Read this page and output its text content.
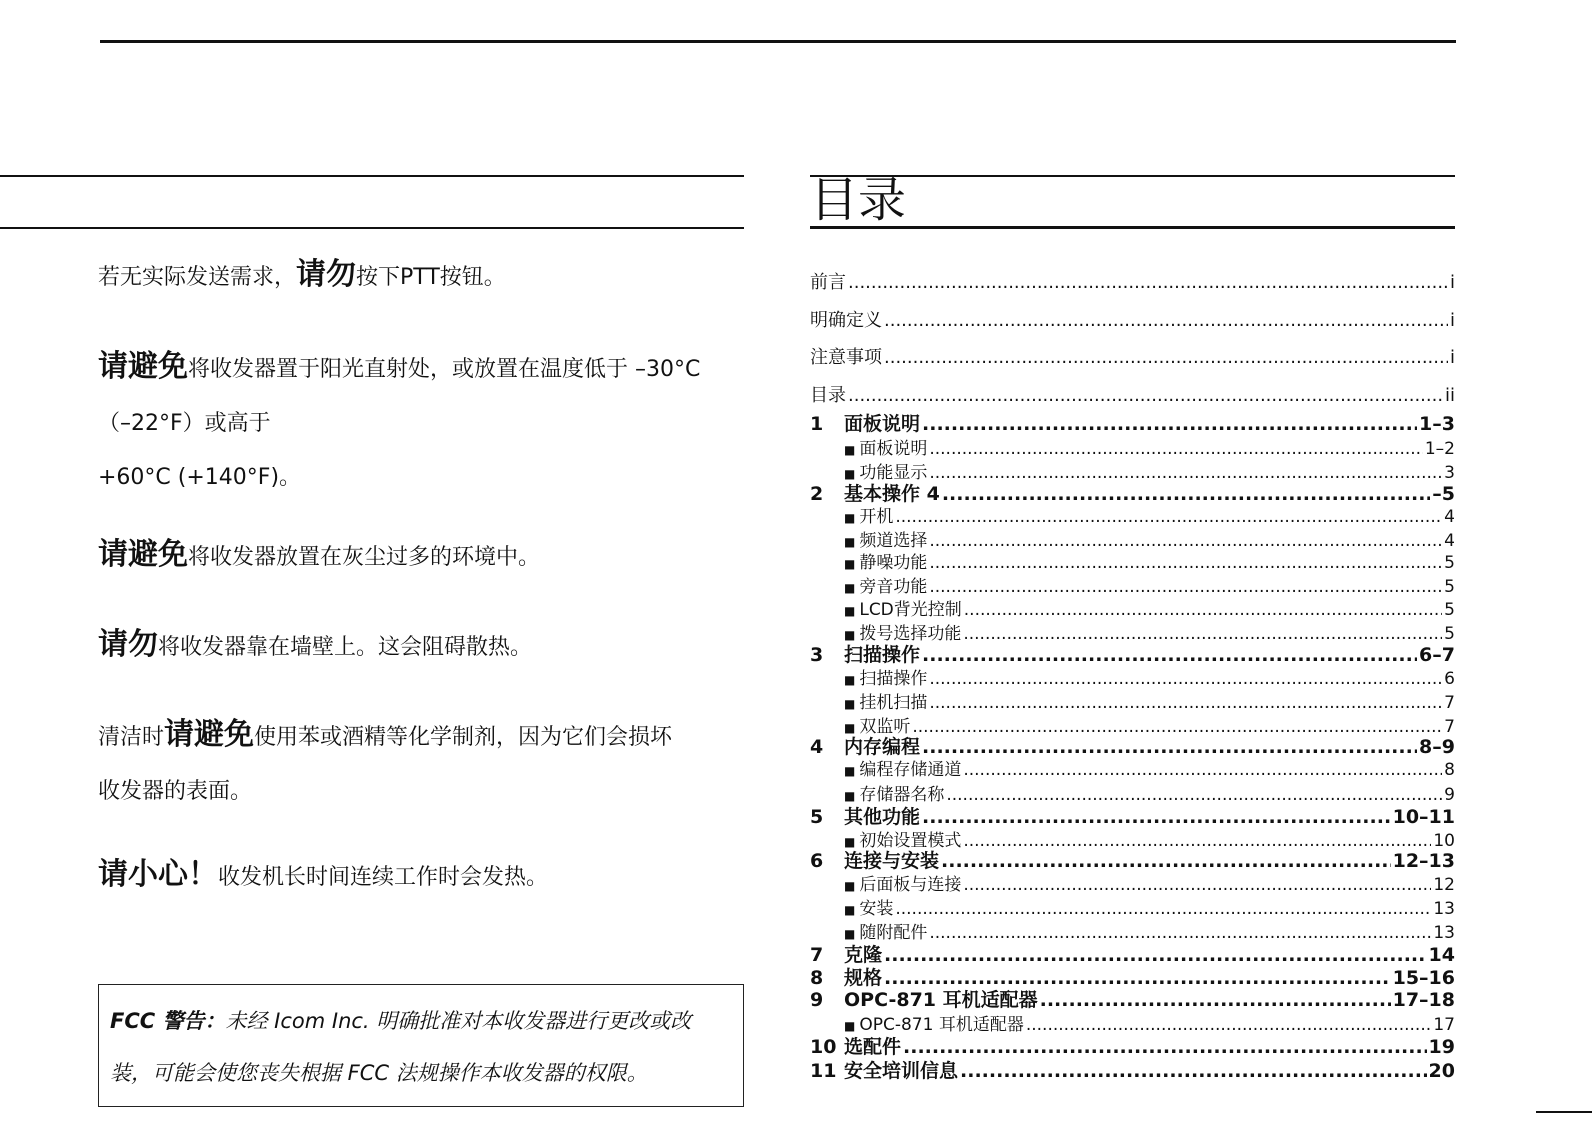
若无实际发送需求，请勿按下PTT按钮。
请避免将收发器置于阳光直射处，或放置在温度低于 –30°C
（–22°F）或高于
+60°C (+140°F)。
请避免将收发器放置在灰尘过多的环境中。
请勿将收发器靠在墙壁上。这会阻碍散热。
清洁时请避免使用苯或酒精等化学制剂，因为它们会损坏
收发器的表面。
请小心！收发机长时间连续工作时会发热。

FCC 警告：未经 Icom Inc. 明确批准对本收发器进行更改或改

装，可能会使您丧失根据 FCC 法规操作本收发器的权限。

目录
前言 .....	i
明确定义 .....	i
注意事项 .....	i
目录 .....	ii
1	面板说明 .....	1–3
■ 面板说明 .....	1–2
■ 功能显示 .....	3
2	基本操作 4 .....	–5
■ 开机 .....	4
■ 频道选择 .....	4
■ 静噪功能 .....	5
■ 旁音功能 .....	5
■ LCD背光控制 .....	5
■ 拨号选择功能 .....	5
3	扫描操作 .....	6–7
■ 扫描操作 .....	6
■ 挂机扫描 .....	7
■ 双监听 .....	7
4	内存编程 .....	8–9
■ 编程存储通道 .....	8
■ 存储器名称 .....	9
5	其他功能 .....	10–11
■ 初始设置模式 .....	10
6	连接与安装 .....	12–13
■ 后面板与连接 .....	12
■ 安装 .....	13
■ 随附配件 .....	13
7	克隆 .....	14
8	规格 .....	15–16
9	OPC-871 耳机适配器 .....	17–18
■ OPC-871 耳机适配器 .....	17
10 选配件 .....	19
11 安全培训信息 .....	20
